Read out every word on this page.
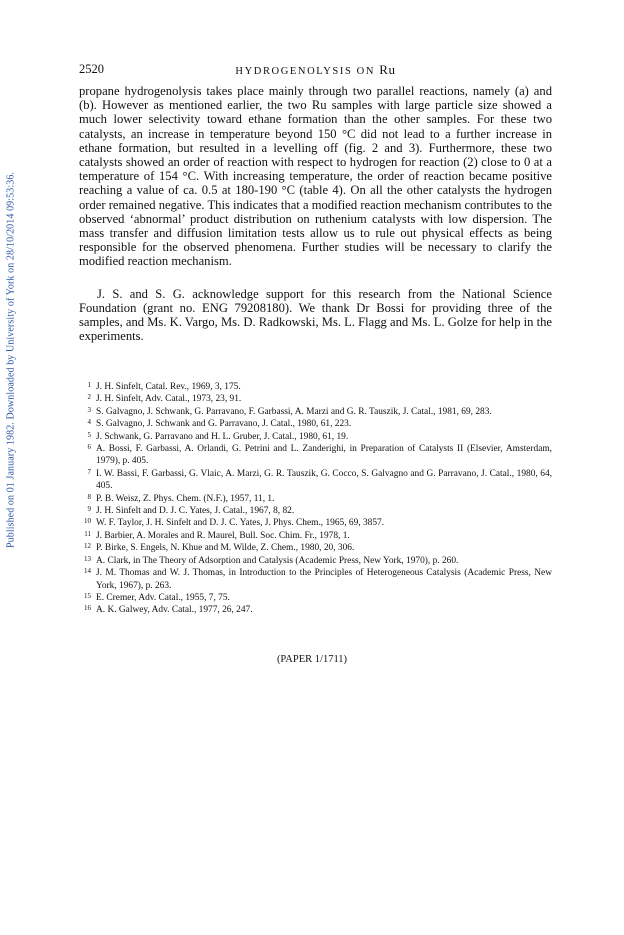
Published on 01 January 1982. Downloaded by University of York on 28/10/2014 09:53:36.
2520	HYDROGENOLYSIS ON Ru

propane hydrogenolysis takes place mainly through two parallel reactions, namely (a) and (b). However as mentioned earlier, the two Ru samples with large particle size showed a much lower selectivity toward ethane formation than the other samples. For these two catalysts, an increase in temperature beyond 150 °C did not lead to a further increase in ethane formation, but resulted in a levelling off (fig. 2 and 3). Furthermore, these two catalysts showed an order of reaction with respect to hydrogen for reaction (2) close to 0 at a temperature of 154 °C. With increasing temperature, the order of reaction became positive reaching a value of ca. 0.5 at 180-190 °C (table 4). On all the other catalysts the hydrogen order remained negative. This indicates that a modified reaction mechanism contributes to the observed ‘abnormal’ product distribution on ruthenium catalysts with low dispersion. The mass transfer and diffusion limitation tests allow us to rule out physical effects as being responsible for the observed phenomena. Further studies will be necessary to clarify the modified reaction mechanism.

J. S. and S. G. acknowledge support for this research from the National Science Foundation (grant no. ENG 79208180). We thank Dr Bossi for providing three of the samples, and Ms. K. Vargo, Ms. D. Radkowski, Ms. L. Flagg and Ms. L. Golze for help in the experiments.

1 J. H. Sinfelt, Catal. Rev., 1969, 3, 175.
2 J. H. Sinfelt, Adv. Catal., 1973, 23, 91.
3 S. Galvagno, J. Schwank, G. Parravano, F. Garbassi, A. Marzi and G. R. Tauszik, J. Catal., 1981, 69, 283.
4 S. Galvagno, J. Schwank and G. Parravano, J. Catal., 1980, 61, 223.
5 J. Schwank, G. Parravano and H. L. Gruber, J. Catal., 1980, 61, 19.
6 A. Bossi, F. Garbassi, A. Orlandi, G. Petrini and L. Zanderighi, in Preparation of Catalysts II (Elsevier, Amsterdam, 1979), p. 405.
7 I. W. Bassi, F. Garbassi, G. Vlaic, A. Marzi, G. R. Tauszik, G. Cocco, S. Galvagno and G. Parravano, J. Catal., 1980, 64, 405.
8 P. B. Weisz, Z. Phys. Chem. (N.F.), 1957, 11, 1.
9 J. H. Sinfelt and D. J. C. Yates, J. Catal., 1967, 8, 82.
10 W. F. Taylor, J. H. Sinfelt and D. J. C. Yates, J. Phys. Chem., 1965, 69, 3857.
11 J. Barbier, A. Morales and R. Maurel, Bull. Soc. Chim. Fr., 1978, 1.
12 P. Birke, S. Engels, N. Khue and M. Wilde, Z. Chem., 1980, 20, 306.
13 A. Clark, in The Theory of Adsorption and Catalysis (Academic Press, New York, 1970), p. 260.
14 J. M. Thomas and W. J. Thomas, in Introduction to the Principles of Heterogeneous Catalysis (Academic Press, New York, 1967), p. 263.
15 E. Cremer, Adv. Catal., 1955, 7, 75.
16 A. K. Galwey, Adv. Catal., 1977, 26, 247.
(PAPER 1/1711)
